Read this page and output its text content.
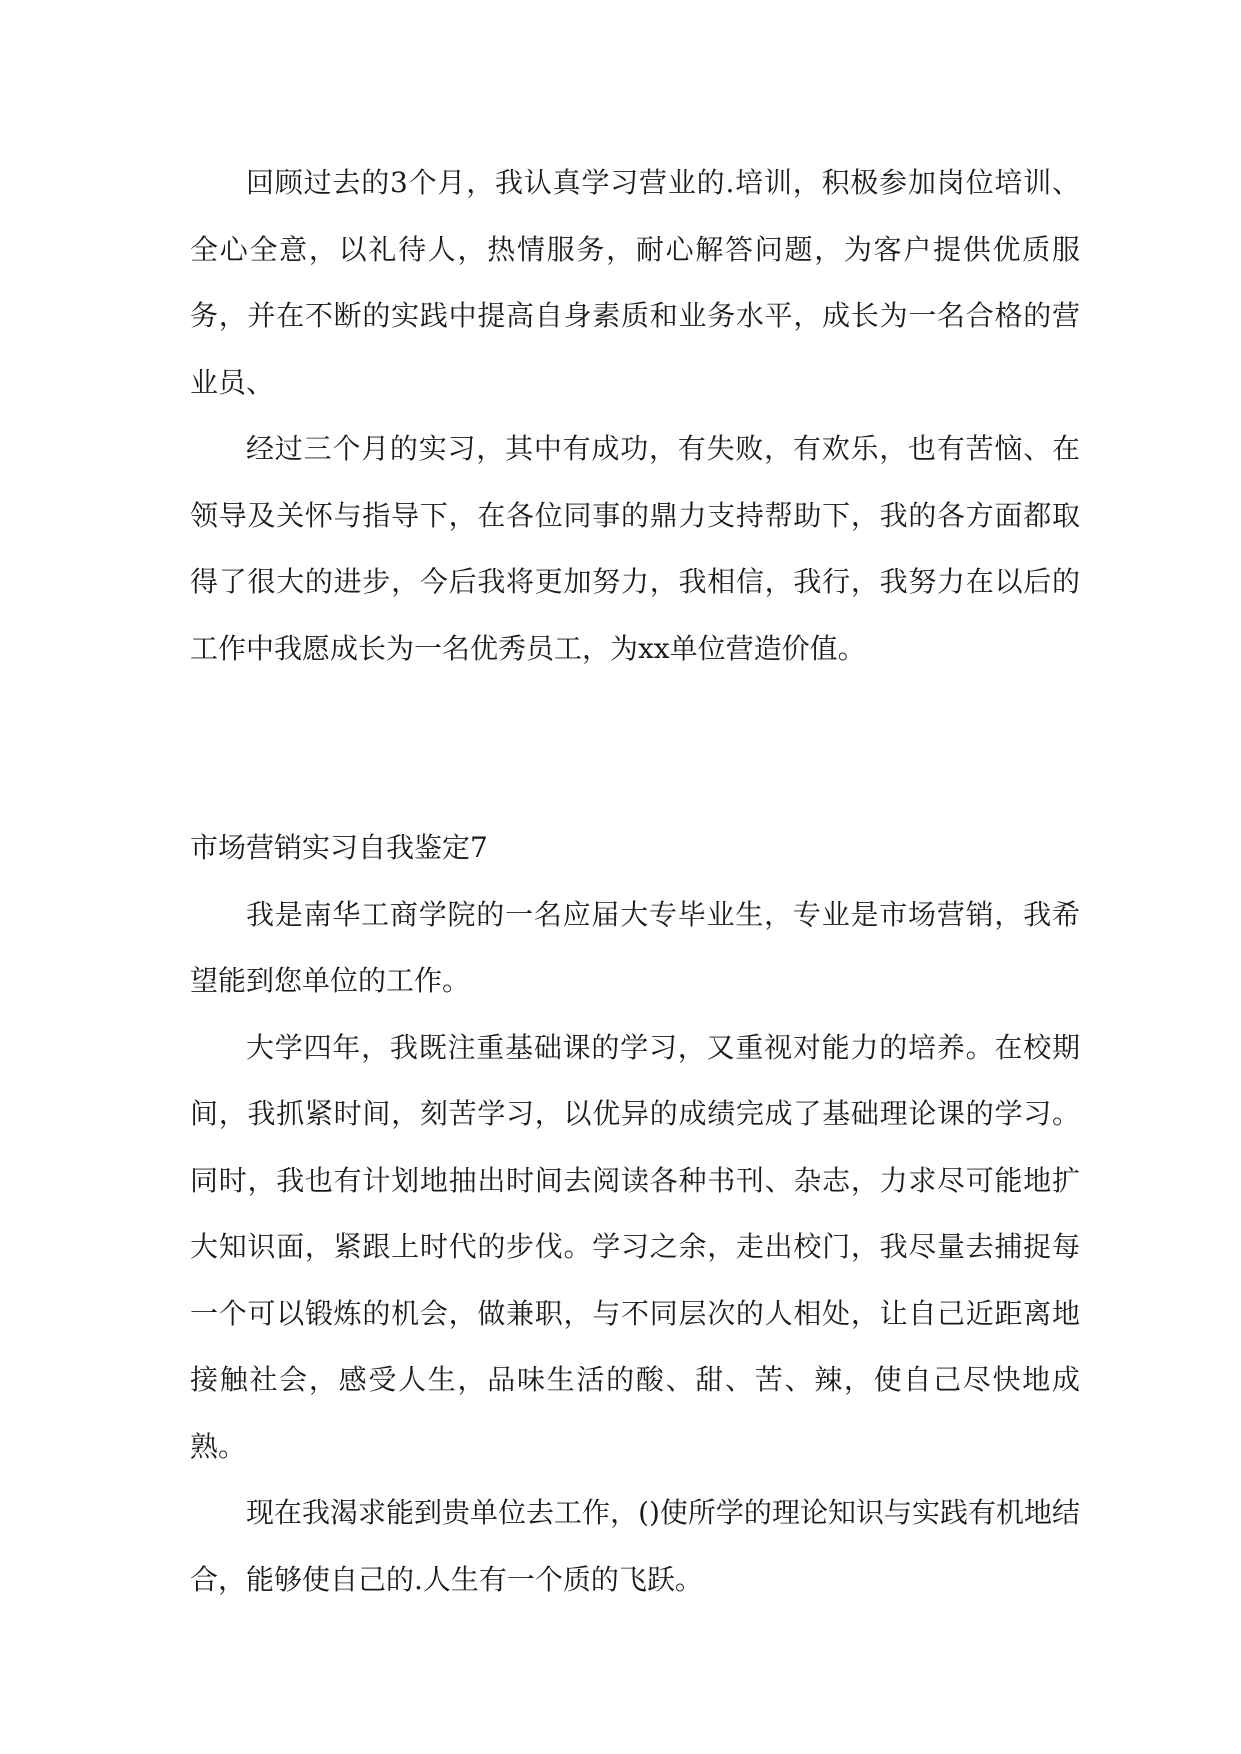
回顾过去的3个月，我认真学习营业的.培训，积极参加岗位培训、全心全意，以礼待人，热情服务，耐心解答问题，为客户提供优质服务，并在不断的实践中提高自身素质和业务水平，成长为一名合格的营业员、

经过三个月的实习，其中有成功，有失败，有欢乐，也有苦恼、在领导及关怀与指导下，在各位同事的鼎力支持帮助下，我的各方面都取得了很大的进步，今后我将更加努力，我相信，我行，我努力在以后的工作中我愿成长为一名优秀员工，为xx单位营造价值。

市场营销实习自我鉴定7

我是南华工商学院的一名应届大专毕业生，专业是市场营销，我希望能到您单位的工作。

大学四年，我既注重基础课的学习，又重视对能力的培养。在校期间，我抓紧时间，刻苦学习，以优异的成绩完成了基础理论课的学习。同时，我也有计划地抽出时间去阅读各种书刊、杂志，力求尽可能地扩大知识面，紧跟上时代的步伐。学习之余，走出校门，我尽量去捕捉每一个可以锻炼的机会，做兼职，与不同层次的人相处，让自己近距离地接触社会，感受人生，品味生活的酸、甜、苦、辣，使自己尽快地成熟。

现在我渴求能到贵单位去工作，()使所学的理论知识与实践有机地结合，能够使自己的.人生有一个质的飞跃。
